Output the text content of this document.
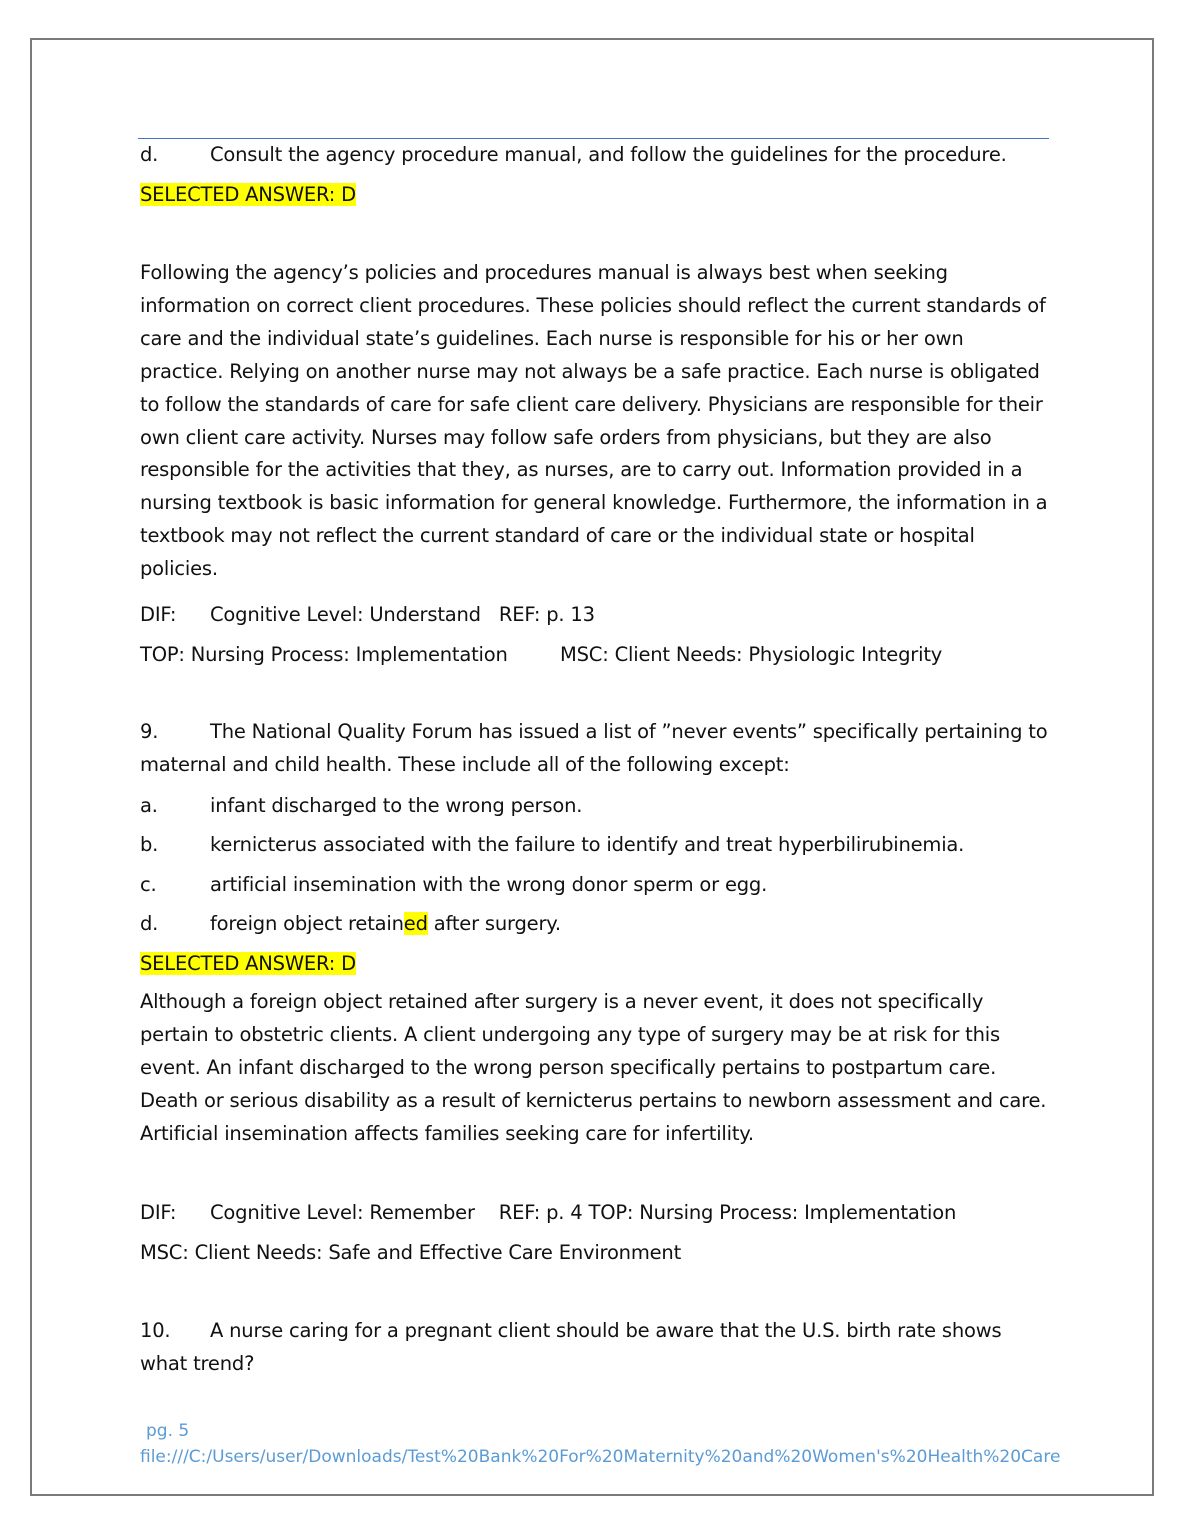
d.	Consult the agency procedure manual, and follow the guidelines for the procedure.
SELECTED ANSWER: D
Following the agency’s policies and procedures manual is always best when seeking information on correct client procedures. These policies should reflect the current standards of care and the individual state’s guidelines. Each nurse is responsible for his or her own practice. Relying on another nurse may not always be a safe practice. Each nurse is obligated to follow the standards of care for safe client care delivery. Physicians are responsible for their own client care activity. Nurses may follow safe orders from physicians, but they are also responsible for the activities that they, as nurses, are to carry out. Information provided in a nursing textbook is basic information for general knowledge. Furthermore, the information in a textbook may not reflect the current standard of care or the individual state or hospital policies.
DIF: Cognitive Level: Understand   REF: p. 13
TOP: Nursing Process: Implementation	MSC: Client Needs: Physiologic Integrity
9.	The National Quality Forum has issued a list of ”never events” specifically pertaining to maternal and child health. These include all of the following except:
a.	infant discharged to the wrong person.
b.	kernicterus associated with the failure to identify and treat hyperbilirubinemia.
c.	artificial insemination with the wrong donor sperm or egg.
d.	foreign object retained after surgery.
SELECTED ANSWER: D
Although a foreign object retained after surgery is a never event, it does not specifically pertain to obstetric clients. A client undergoing any type of surgery may be at risk for this event. An infant discharged to the wrong person specifically pertains to postpartum care. Death or serious disability as a result of kernicterus pertains to newborn assessment and care. Artificial insemination affects families seeking care for infertility.
DIF: Cognitive Level: Remember    REF: p. 4 TOP: Nursing Process: Implementation
MSC: Client Needs: Safe and Effective Care Environment
10. A nurse caring for a pregnant client should be aware that the U.S. birth rate shows what trend?
pg. 5
file:///C:/Users/user/Downloads/Test%20Bank%20For%20Maternity%20and%20Women's%20Health%20Care
